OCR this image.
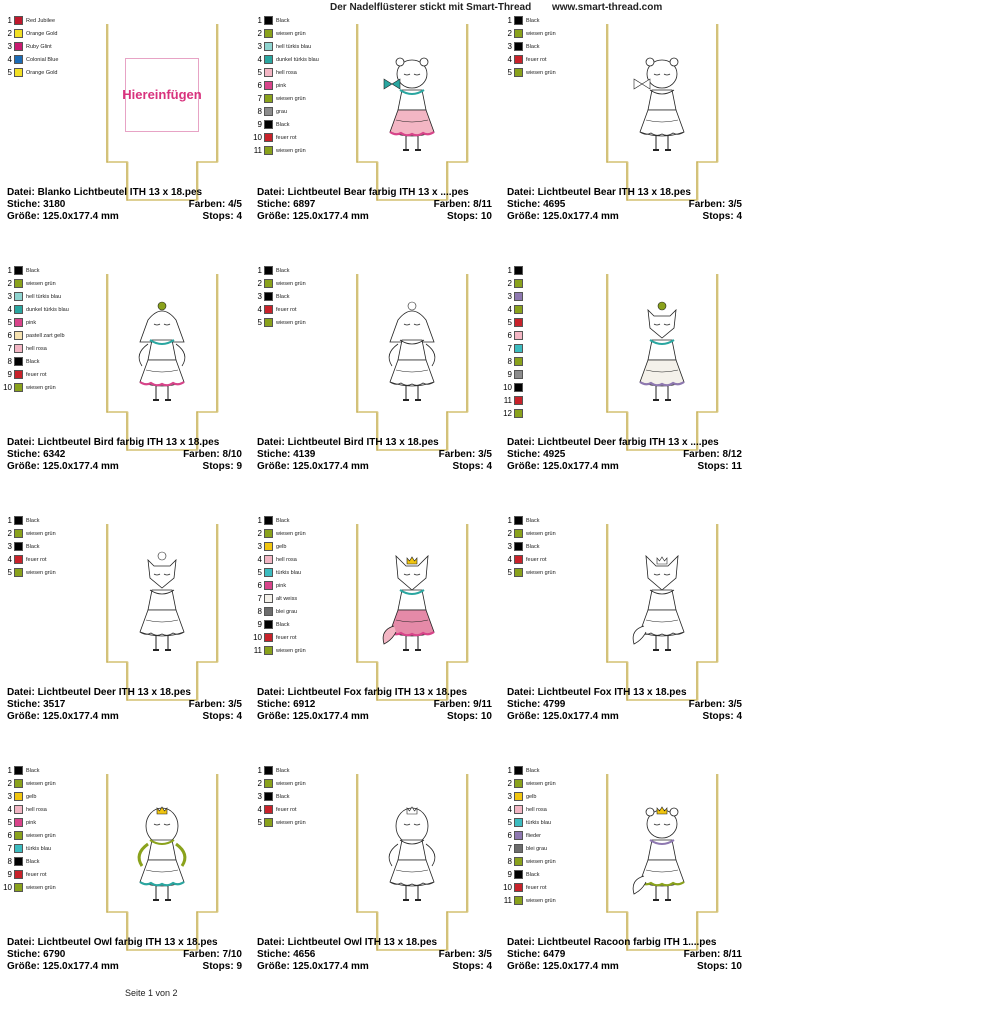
Der Nadelflüsterer stickt mit Smart-Thread www.smart-thread.com
1	Red Jubilee
2	Orange Gold
3	Ruby Glint
4	Colonial Blue
5	Orange Gold
Hier einfügen
Datei: Blanko Lichtbeutel ITH 13 x 18.pes
Stiche: 3180	Farben: 4/5
Größe: 125.0x177.4 mm	Stops: 4
1	Black
2	wiesen grün
3	hell türkis blau
4	dunkel türkis blau
5	hell rosa
6	pink
7	wiesen grün
8	grau
9	Black
10	feuer rot
11	wiesen grün
Datei: Lichtbeutel Bear farbig ITH 13 x ....pes
Stiche: 6897	Farben: 8/11
Größe: 125.0x177.4 mm	Stops: 10
1	Black
2	wiesen grün
3	Black
4	feuer rot
5	wiesen grün
Datei: Lichtbeutel Bear ITH 13 x 18.pes
Stiche: 4695	Farben: 3/5
Größe: 125.0x177.4 mm	Stops: 4
1	Black
2	wiesen grün
3	hell türkis blau
4	dunkel türkis blau
5	pink
6	pastell zart gelb
7	hell rosa
8	Black
9	feuer rot
10	wiesen grün
Datei: Lichtbeutel Bird farbig ITH 13 x 18.pes
Stiche: 6342	Farben: 8/10
Größe: 125.0x177.4 mm	Stops: 9
1	Black
2	wiesen grün
3	Black
4	feuer rot
5	wiesen grün
Datei: Lichtbeutel Bird ITH 13 x 18.pes
Stiche: 4139	Farben: 3/5
Größe: 125.0x177.4 mm	Stops: 4
1
2
3
4
5
6
7
8
9
10
11
12
Datei: Lichtbeutel Deer farbig ITH 13 x ....pes
Stiche: 4925	Farben: 8/12
Größe: 125.0x177.4 mm	Stops: 11
1	Black
2	wiesen grün
3	Black
4	feuer rot
5	wiesen grün
Datei: Lichtbeutel Deer ITH 13 x 18.pes
Stiche: 3517	Farben: 3/5
Größe: 125.0x177.4 mm	Stops: 4
1	Black
2	wiesen grün
3	gelb
4	hell rosa
5	türkis blau
6	pink
7	alt weiss
8	blei grau
9	Black
10	feuer rot
11	wiesen grün
Datei: Lichtbeutel Fox farbig ITH 13 x 18.pes
Stiche: 6912	Farben: 9/11
Größe: 125.0x177.4 mm	Stops: 10
1	Black
2	wiesen grün
3	Black
4	feuer rot
5	wiesen grün
Datei: Lichtbeutel Fox ITH 13 x 18.pes
Stiche: 4799	Farben: 3/5
Größe: 125.0x177.4 mm	Stops: 4
1	Black
2	wiesen grün
3	gelb
4	hell rosa
5	pink
6	wiesen grün
7	türkis blau
8	Black
9	feuer rot
10	wiesen grün
Datei: Lichtbeutel Owl farbig ITH 13 x 18.pes
Stiche: 6790	Farben: 7/10
Größe: 125.0x177.4 mm	Stops: 9
1	Black
2	wiesen grün
3	Black
4	feuer rot
5	wiesen grün
Datei: Lichtbeutel Owl ITH 13 x 18.pes
Stiche: 4656	Farben: 3/5
Größe: 125.0x177.4 mm	Stops: 4
1	Black
2	wiesen grün
3	gelb
4	hell rosa
5	türkis blau
6	flieder
7	blei grau
8	wiesen grün
9	Black
10	feuer rot
11	wiesen grün
Datei: Lichtbeutel Racoon farbig ITH 1....pes
Stiche: 6479	Farben: 8/11
Größe: 125.0x177.4 mm	Stops: 10
Seite 1 von 2
